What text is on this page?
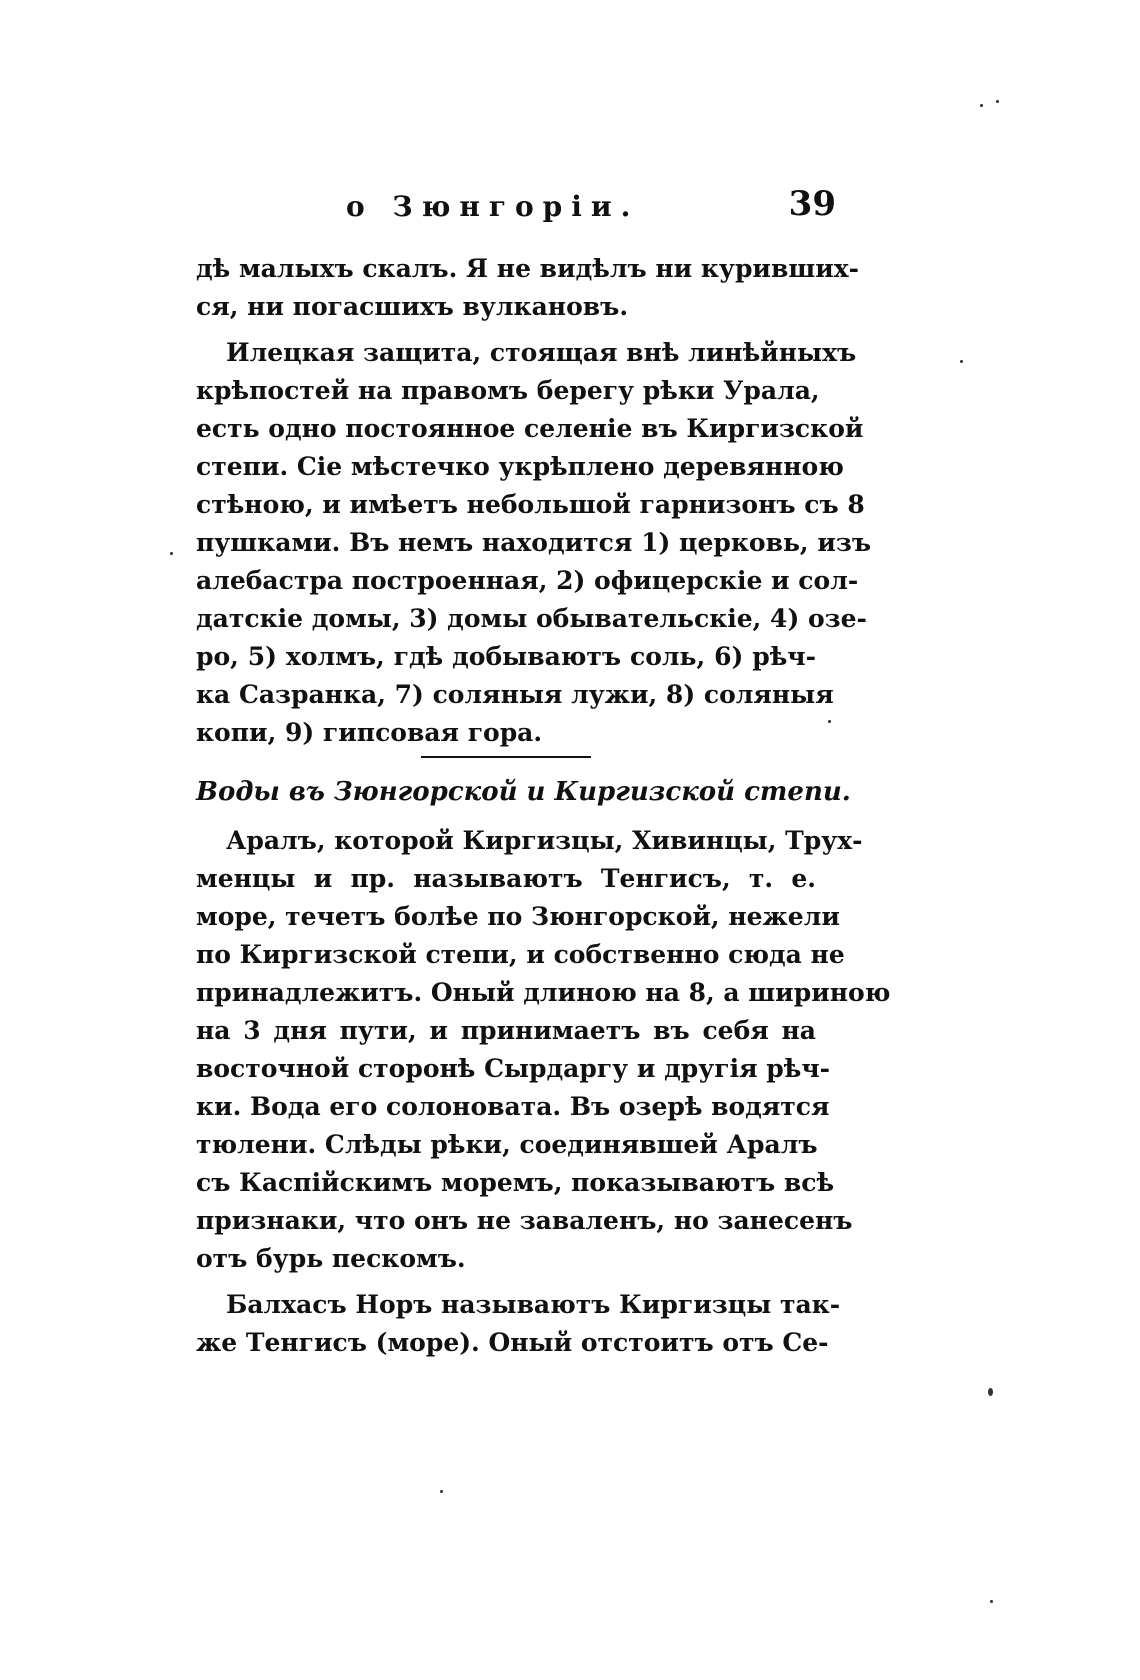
о Зюнгорiи.	39
дѣ малыхъ скалъ. Я не видѣлъ ни куривших-
ся, ни погасшихъ вулкановъ.
Илецкая защита, стоящая внѣ линѣйныхъ
крѣпостей на правомъ берегу рѣки Урала,
есть одно постоянное селенiе въ Киргизской
степи. Сiе мѣстечко укрѣплено деревянною
стѣною, и имѣетъ небольшой гарнизонъ съ 8
пушками. Въ немъ находится 1) церковь, изъ
алебастра построенная, 2) офицерскiе и сол-
датскiе домы, 3) домы обывательскiе, 4) озе-
ро, 5) холмъ, гдѣ добываютъ соль, 6) рѣч-
ка Сазранка, 7) соляныя лужи, 8) соляныя
копи, 9) гипсовая гора.
Воды въ Зюнгорской и Киргизской степи.
Аралъ, которой Киргизцы, Хивинцы, Трух-
менцы и пр. называютъ Тенгисъ, т. е.
море, течетъ болѣе по Зюнгорской, нежели
по Киргизской степи, и собственно сюда не
принадлежитъ. Оный длиною на 8, а шириною
на 3 дня пути, и принимаетъ въ себя на
восточной сторонѣ Сырдаргу и другiя рѣч-
ки. Вода его солоновата. Въ озерѣ водятся
тюлени. Слѣды рѣки, соединявшей Аралъ
съ Каспiйскимъ моремъ, показываютъ всѣ
признаки, что онъ не заваленъ, но занесенъ
отъ бурь пескомъ.
Балхасъ Норъ называютъ Киргизцы так-
же Тенгисъ (море). Оный отстоитъ отъ Се-
